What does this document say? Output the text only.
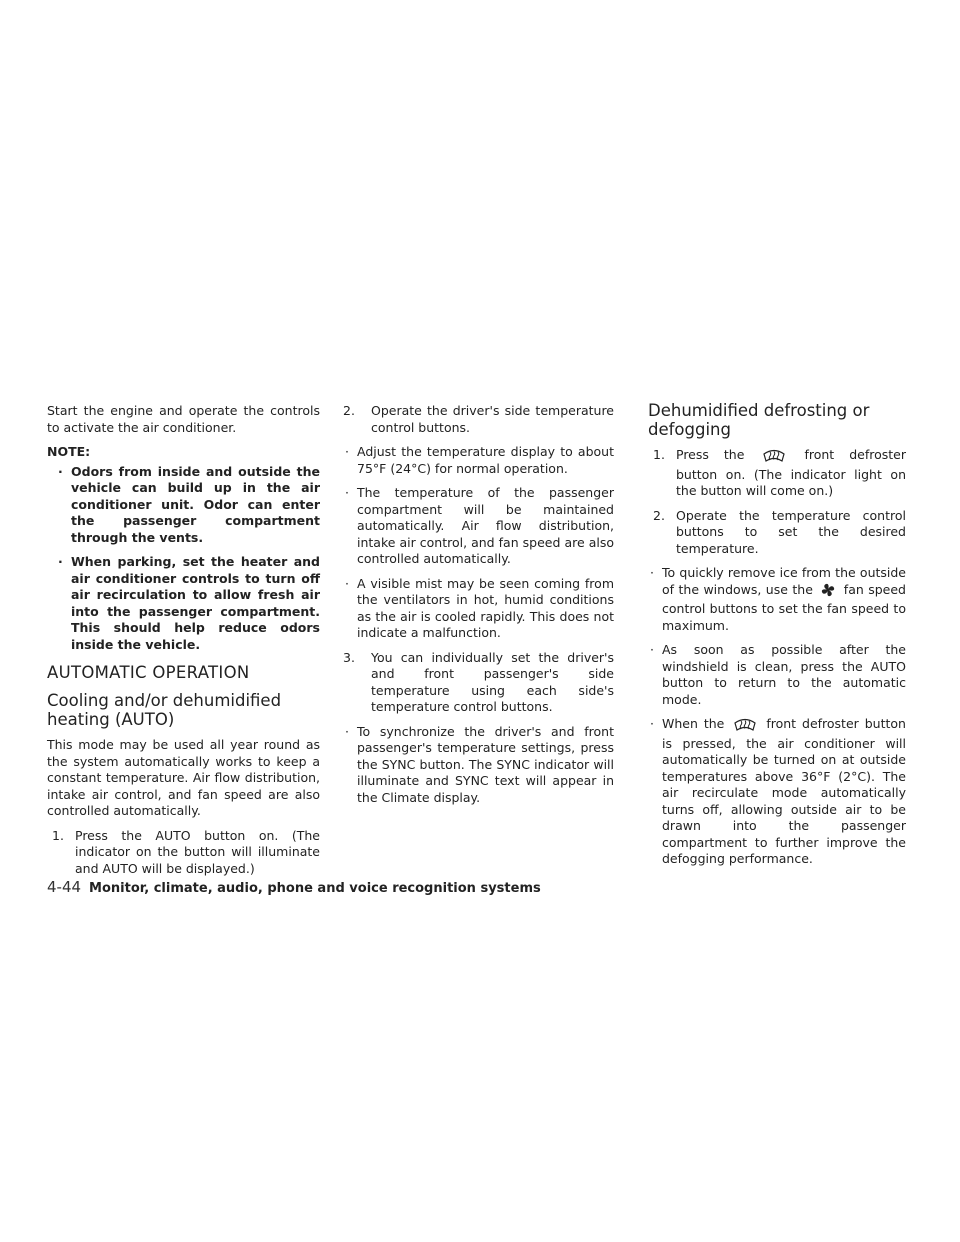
Start the engine and operate the controls to activate the air conditioner.

NOTE:
· Odors from inside and outside the vehicle can build up in the air conditioner unit. Odor can enter the passenger compartment through the vents.
· When parking, set the heater and air conditioner controls to turn off air recirculation to allow fresh air into the passenger compartment. This should help reduce odors inside the vehicle.
AUTOMATIC OPERATION
Cooling and/or dehumidified heating (AUTO)

This mode may be used all year round as the system automatically works to keep a constant temperature. Air flow distribution, intake air control, and fan speed are also controlled automatically.

1. Press the AUTO button on. (The indicator on the button will illuminate and AUTO will be displayed.)
2. Operate the driver's side temperature control buttons.
· Adjust the temperature display to about 75°F (24°C) for normal operation.
· The temperature of the passenger compartment will be maintained automatically. Air flow distribution, intake air control, and fan speed are also controlled automatically.
· A visible mist may be seen coming from the ventilators in hot, humid conditions as the air is cooled rapidly. This does not indicate a malfunction.
3. You can individually set the driver's and front passenger's side temperature using each side's temperature control buttons.
· To synchronize the driver's and front passenger's temperature settings, press the SYNC button. The SYNC indicator will illuminate and SYNC text will appear in the Climate display.
Dehumidified defrosting or defogging
1. Press the	front defroster button on. (The indicator light on the button will come on.)
2. Operate the temperature control buttons to set the desired temperature.
· To quickly remove ice from the outside of the windows, use the fan speed control buttons to set the fan speed to maximum.
· As soon as possible after the windshield is clean, press the AUTO button to return to the automatic mode.
· When the	front defroster button is pressed, the air conditioner will automatically be turned on at outside temperatures above 36°F (2°C). The air recirculate mode automatically turns off, allowing outside air to be drawn into the passenger compartment to further improve the defogging performance.
4-44 Monitor, climate, audio, phone and voice recognition systems
